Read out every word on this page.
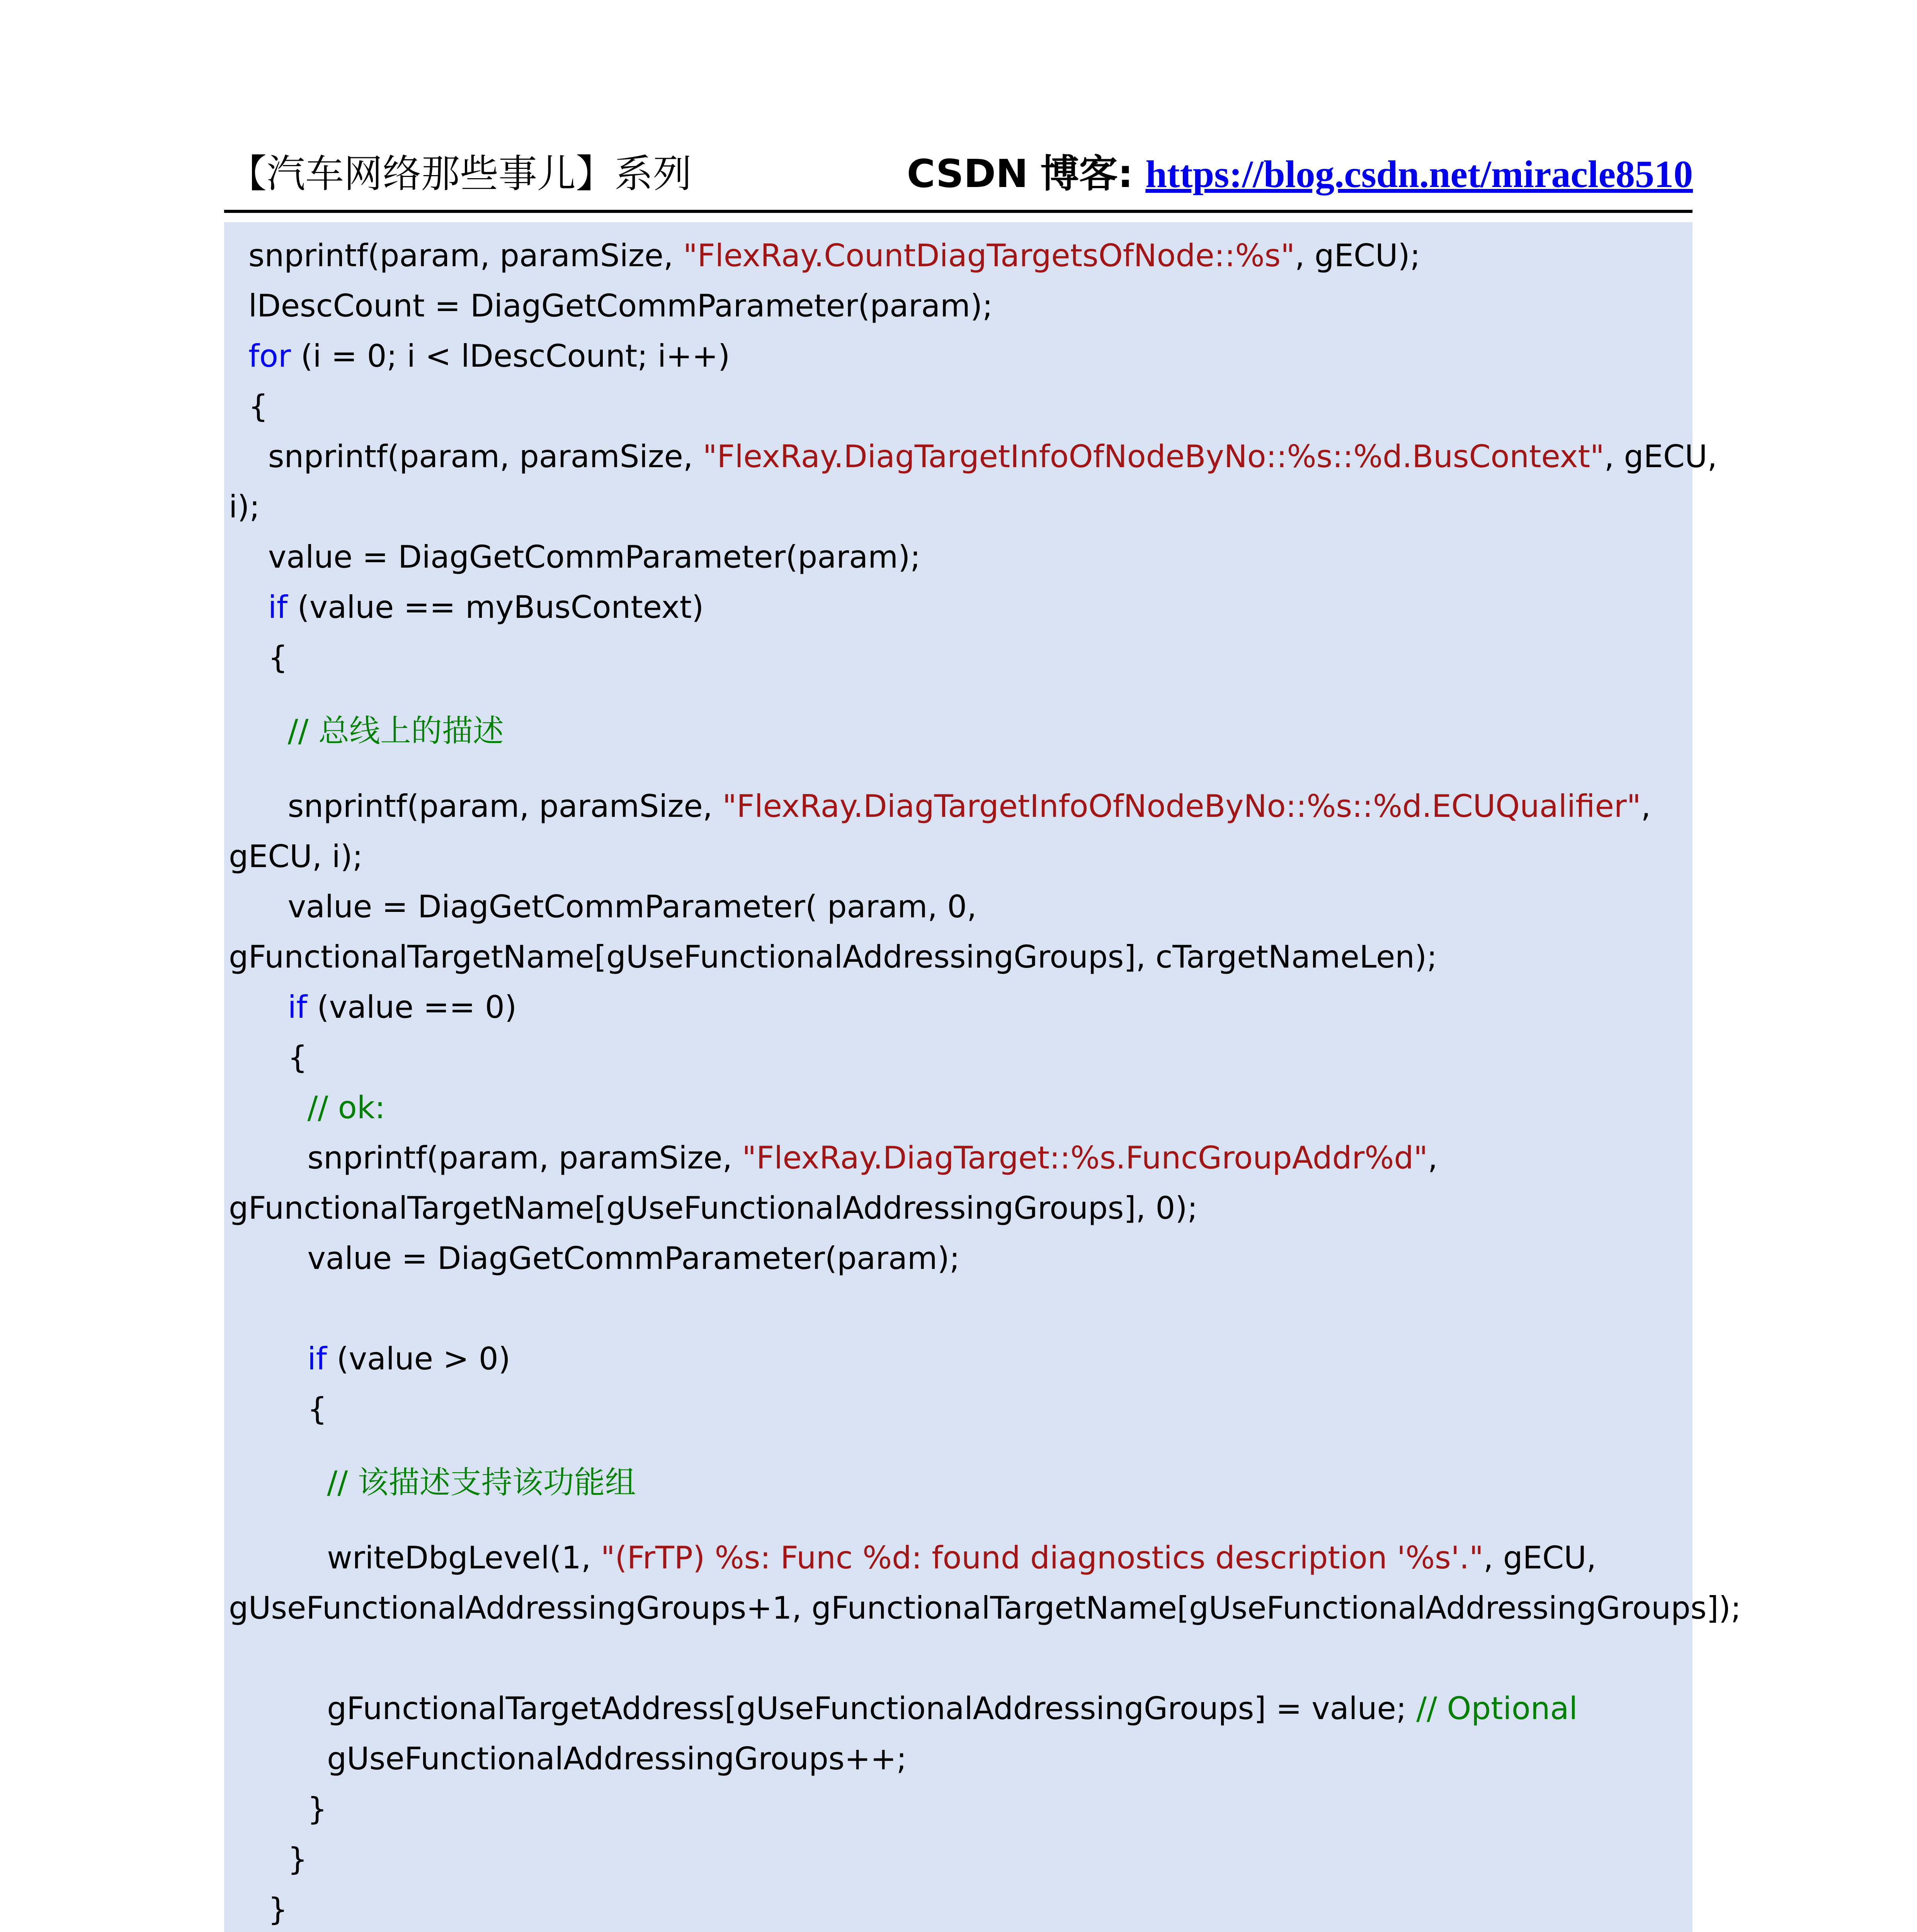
【汽车网络那些事儿】系列	CSDN 博客: https://blog.csdn.net/miracle8510
snprintf(param, paramSize, "FlexRay.CountDiagTargetsOfNode::%s", gECU);
lDescCount = DiagGetCommParameter(param);
for (i = 0; i < lDescCount; i++)
{
snprintf(param, paramSize, "FlexRay.DiagTargetInfoOfNodeByNo::%s::%d.BusContext", gECU,
i);
value = DiagGetCommParameter(param);
if (value == myBusContext)
{
// 总线上的描述
snprintf(param, paramSize, "FlexRay.DiagTargetInfoOfNodeByNo::%s::%d.ECUQualifier",
gECU, i);
value = DiagGetCommParameter( param, 0,
gFunctionalTargetName[gUseFunctionalAddressingGroups], cTargetNameLen);
if (value == 0)
{
// ok:
snprintf(param, paramSize, "FlexRay.DiagTarget::%s.FuncGroupAddr%d",
gFunctionalTargetName[gUseFunctionalAddressingGroups], 0);
value = DiagGetCommParameter(param);
if (value > 0)
{
// 该描述支持该功能组
writeDbgLevel(1, "(FrTP) %s: Func %d: found diagnostics description '%s'.", gECU,
gUseFunctionalAddressingGroups+1, gFunctionalTargetName[gUseFunctionalAddressingGroups]);
gFunctionalTargetAddress[gUseFunctionalAddressingGroups] = value; // Optional
gUseFunctionalAddressingGroups++;
}
}
}
